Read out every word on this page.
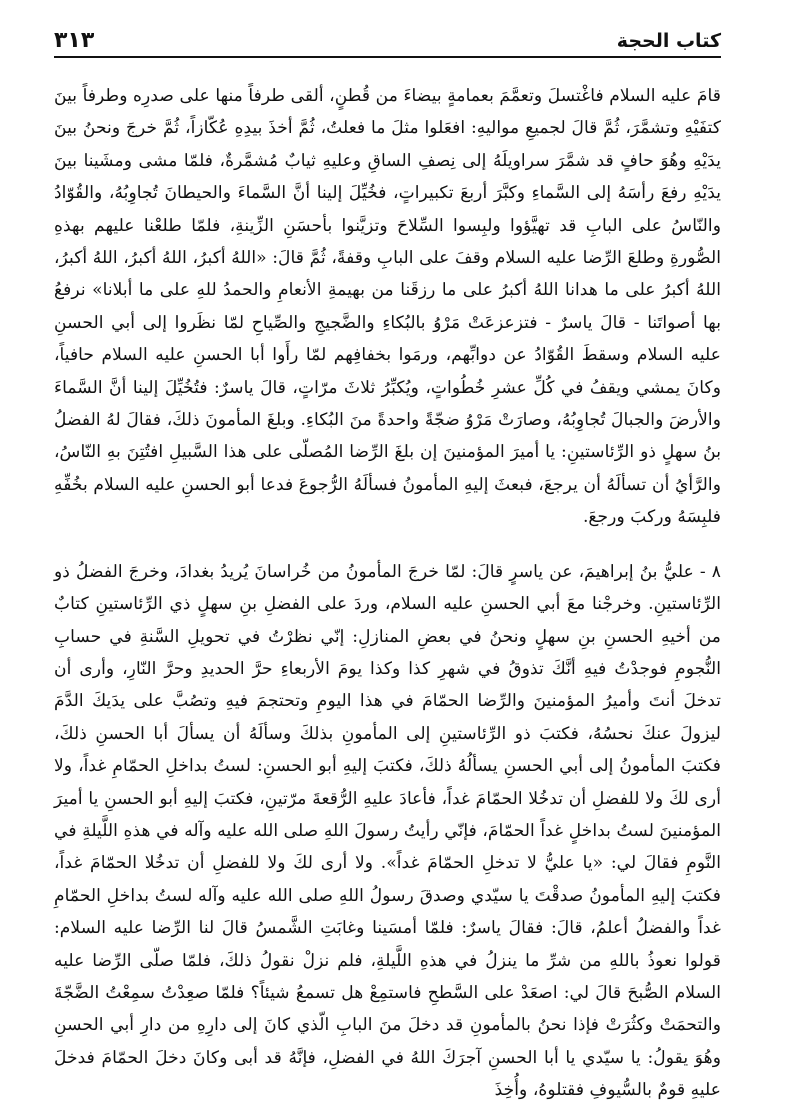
كتاب الحجة
٣١٣

قامَ عليه السلام فاغْتسلَ وتعمَّمَ بعمامةٍ بيضاءَ من قُطنٍ، ألقى طرفاً منها على صدرِه وطرفاً بينَ كتفَيْهِ وتشمَّرَ، ثُمَّ قالَ لجميعِ مواليهِ: افعَلوا مثلَ ما فعلتُ، ثُمَّ أخذَ بيدِهِ عُكّازاً، ثُمَّ خرجَ ونحنُ بينَ يدَيْهِ وهُوَ حافٍ قد شمَّرَ سراويلَهُ إلى نِصفِ الساقِ وعليهِ ثيابٌ مُشمَّرةٌ، فلمّا مشى ومشَينا بينَ يدَيْهِ رفعَ رأسَهُ إلى السَّماءِ وكبَّرَ أربعَ تكبيراتٍ، فخُيِّلَ إلينا أنَّ السَّماءَ والحيطانَ تُجاوِبُهُ، والقُوّادُ والنّاسُ على البابِ قد تهيَّؤوا ولبِسوا السِّلاحَ وتزيَّنوا بأحسَنِ الزِّينةِ، فلمّا طلعْنا عليهم بهذهِ الصُّورةِ وطلعَ الرِّضا عليه السلام وقفَ على البابِ وقفةً، ثُمَّ قالَ: «اللهُ أكبرُ، اللهُ أكبرُ، اللهُ أكبرُ، اللهُ أكبرُ على ما هدانا اللهُ أكبرُ على ما رزقَنا من بهيمةِ الأنعامِ والحمدُ للهِ على ما أبلانا» نرفعُ بها أصواتَنا - قالَ ياسرٌ - فتزعزعَتْ مَرْوُ بالبُكاءِ والضَّجيجِ والصِّياحِ لمّا نظَروا إلى أبي الحسنِ عليه السلام وسقطَ القُوّادُ عن دوابِّهم، ورمَوا بخفافِهم لمّا رأَوا أبا الحسنِ عليه السلام حافياً، وكانَ يمشي ويقفُ في كُلِّ عشرِ خُطُواتٍ، ويُكبِّرُ ثلاثَ مرّاتٍ، قالَ ياسرٌ: فتُخُيِّلَ إلينا أنَّ السَّماءَ والأرضَ والجبالَ تُجاوِبُهُ، وصارَتْ مَرْوُ ضجّةً واحدةً منَ البُكاءِ. وبلغَ المأمونَ ذلكَ، فقالَ لهُ الفضلُ بنُ سهلٍ ذو الرِّئاستينِ: يا أميرَ المؤمنينَ إن بلغَ الرِّضا المُصلّى على هذا السَّبيلِ افتُتِنَ بهِ النّاسُ، والرَّأيُ أن تسألَهُ أن يرجعَ، فبعثَ إليهِ المأمونُ فسألَهُ الرُّجوعَ فدعا أبو الحسنِ عليه السلام بخُفِّهِ فلبِسَهُ وركبَ ورجعَ.

٨ - عليُّ بنُ إبراهيمَ، عن ياسرٍ قالَ: لمّا خرجَ المأمونُ من خُراسانَ يُريدُ بغدادَ، وخرجَ الفضلُ ذو الرِّئاستينِ. وخرجْنا معَ أبي الحسنِ عليه السلام، وردَ على الفضلِ بنِ سهلٍ ذي الرِّئاستينِ كتابٌ من أخيهِ الحسنِ بنِ سهلٍ ونحنُ في بعضِ المنازلِ: إنّي نظرْتُ في تحويلِ السَّنةِ في حسابِ النُّجومِ فوجدْتُ فيهِ أنَّكَ تذوقُ في شهرِ كذا وكذا يومَ الأربعاءِ حرَّ الحديدِ وحرَّ النّارِ، وأرى أن تدخلَ أنتَ وأميرُ المؤمنينَ والرِّضا الحمّامَ في هذا اليومِ وتحتجمَ فيهِ وتصُبَّ على يدَيكَ الدَّمَ ليزولَ عنكَ نحسُهُ، فكتبَ ذو الرِّئاستينِ إلى المأمونِ بذلكَ وسألَهُ أن يسألَ أبا الحسنِ ذلكَ، فكتبَ المأمونُ إلى أبي الحسنِ يسألُهُ ذلكَ، فكتبَ إليهِ أبو الحسنِ: لستُ بداخلِ الحمّامِ غداً، ولا أرى لكَ ولا للفضلِ أن تدخُلا الحمّامَ غداً، فأعادَ عليهِ الرُّقعةَ مرّتينِ، فكتبَ إليهِ أبو الحسنِ يا أميرَ المؤمنينَ لستُ بداخلٍ غداً الحمّامَ، فإنّي رأيتُ رسولَ اللهِ صلى الله عليه وآله في هذهِ اللَّيلةِ في النَّومِ فقالَ لي: «يا عليُّ لا تدخلِ الحمّامَ غداً». ولا أرى لكَ ولا للفضلِ أن تدخُلا الحمّامَ غداً، فكتبَ إليهِ المأمونُ صدقْتَ يا سيّدي وصدقَ رسولُ اللهِ صلى الله عليه وآله لستُ بداخلِ الحمّامِ غداً والفضلُ أعلمُ، قالَ: فقالَ ياسرٌ: فلمّا أمسَينا وغابَتِ الشَّمسُ قالَ لنا الرِّضا عليه السلام: قولوا نعوذُ باللهِ من شرِّ ما ينزلُ في هذهِ اللَّيلةِ، فلم نزلْ نقولُ ذلكَ، فلمّا صلّى الرِّضا عليه السلام الصُّبحَ قالَ لي: اصعَدْ على السَّطحِ فاستمِعْ هل تسمعُ شيئاً؟ فلمّا صعِدْتُ سمِعْتُ الضَّجّةَ والتحمَتْ وكثُرَتْ فإذا نحنُ بالمأمونِ قد دخلَ منَ البابِ الّذي كانَ إلى دارِهِ من دارِ أبي الحسنِ وهُوَ يقولُ: يا سيّدي يا أبا الحسنِ آجرَكَ اللهُ في الفضلِ، فإنَّهُ قد أبى وكانَ دخلَ الحمّامَ فدخلَ عليهِ قومٌ بالسُّيوفِ فقتلوهُ، وأُخِذَ
